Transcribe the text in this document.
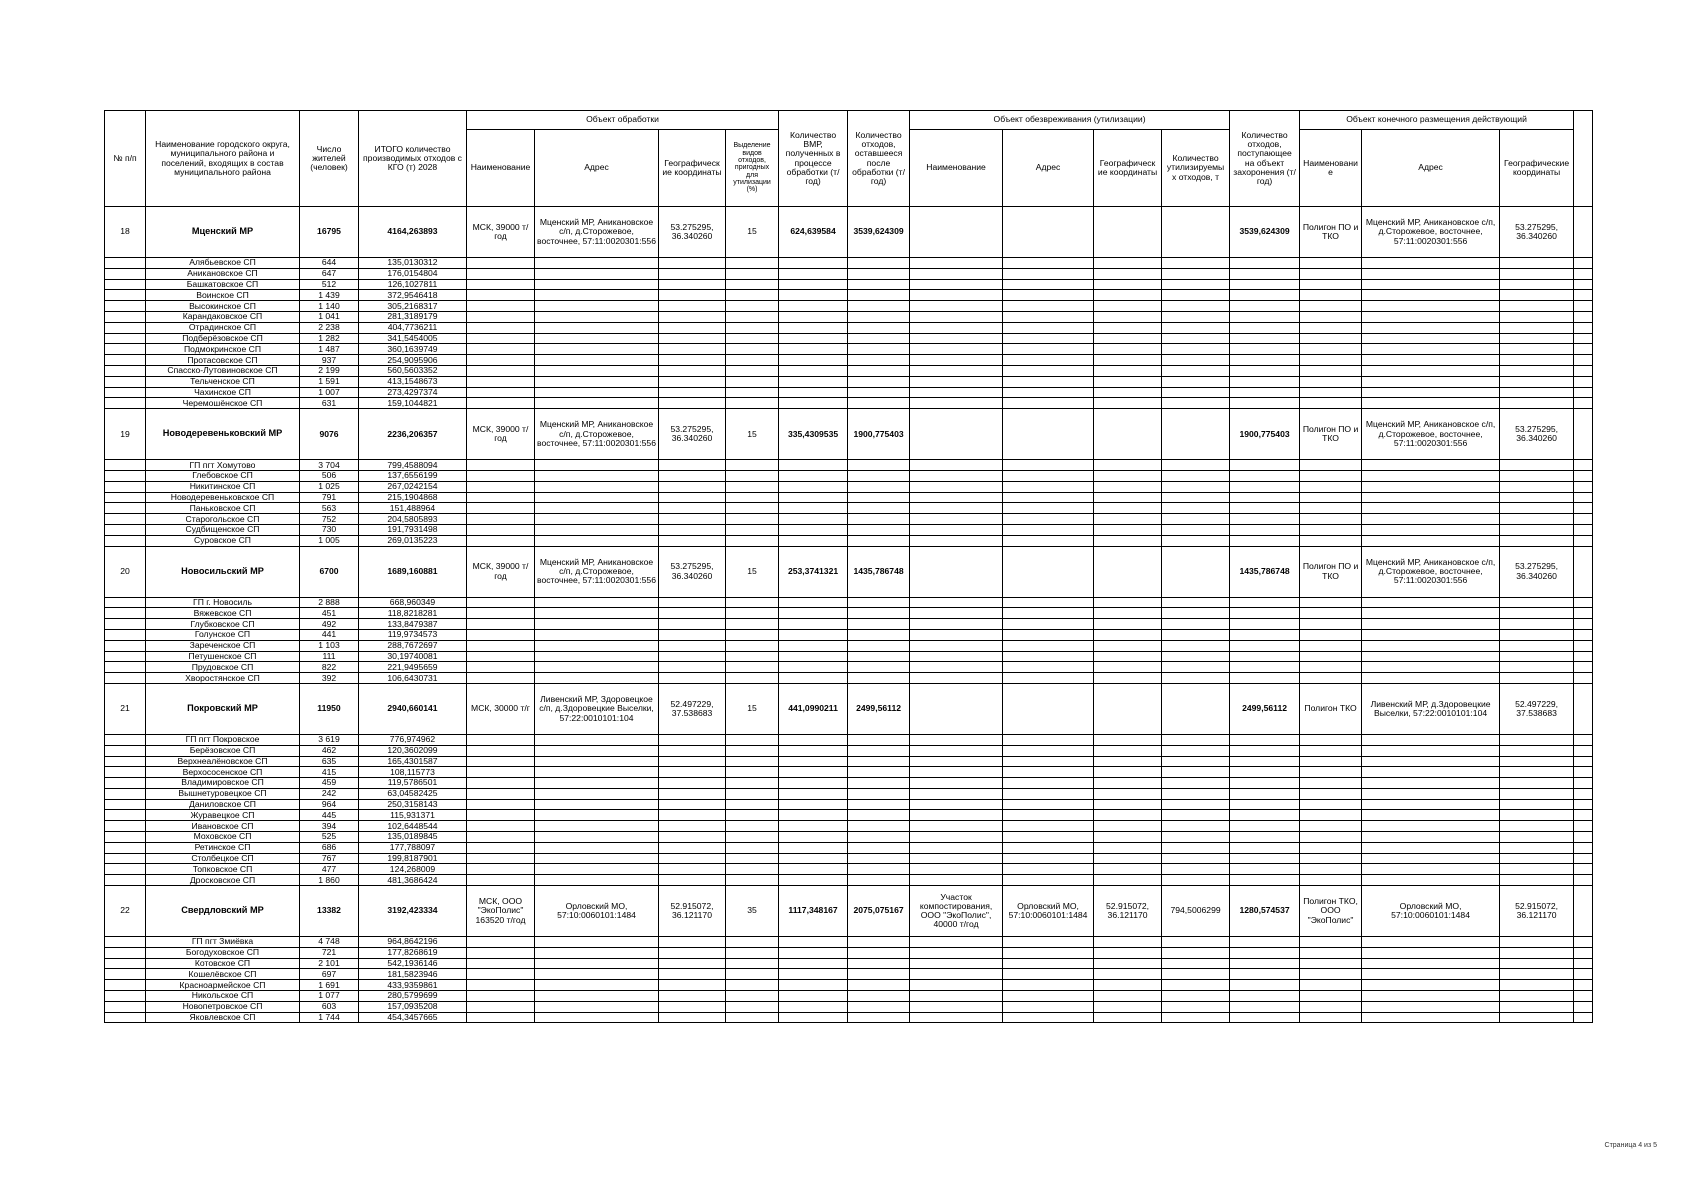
№ п/п	Наименование городского округа, муниципального района и поселений, входящих в состав муниципального района	Число жителей (человек)	ИТОГО количество производимых отходов с КГО (т) 2028	Объект обработки				Количество ВМР, полученных в процессе обработки (т/год)	Количество отходов, оставшееся после обработки (т/год)	Объект обезвреживания (утилизации)				Количество отходов, поступающее на объект захоронения (т/год)	Объект конечного размещения действующий			
				Наименование	Адрес	Географическ ие координаты	Выделение видов отходов, пригодных для утилизации (%)			Наименование	Адрес	Географическ ие координаты	Количество утилизируемы х отходов, т		Наименовани е	Адрес	Географические координаты	
18	Мценский МР	16795	4164,263893	МСК, 39000 т/год	Мценский МР, Аникановское с/п, д.Сторожевое, восточнее, 57:11:0020301:556	53.275295, 36.340260	15	624,639584	3539,624309					3539,624309	Полигон ПО и ТКО	Мценский МР, Аникановское с/п, д.Сторожевое, восточнее, 57:11:0020301:556	53.275295, 36.340260	
	Алябьевское СП	644	135,0130312															
	Аникановское СП	647	176,0154804															
	Башкатовское СП	512	126,1027811															
	Воинское СП	1 439	372,9546418															
	Высокинское СП	1 140	305,2168317															
	Карандаковское СП	1 041	281,3189179															
	Отрадинское СП	2 238	404,7736211															
	Подберёзовское СП	1 282	341,5454005															
	Подмокринское СП	1 487	360,1639749															
	Протасовское СП	937	254,9095906															
	Спасско-Лутовиновское СП	2 199	560,5603352															
	Тельченское СП	1 591	413,1548673															
	Чахинское СП	1 007	273,4297374															
	Черемошёнское СП	631	159,1044821															
19	Новодеревеньковский МР	9076	2236,206357	МСК, 39000 т/год	Мценский МР, Аникановское с/п, д.Сторожевое, восточнее, 57:11:0020301:556	53.275295, 36.340260	15	335,4309535	1900,775403					1900,775403	Полигон ПО и ТКО	Мценский МР, Аникановское с/п, д.Сторожевое, восточнее, 57:11:0020301:556	53.275295, 36.340260	
	ГП пгт Хомутово	3 704	799,4588094															
	Глебовское СП	506	137,6556199															
	Никитинское СП	1 025	267,0242154															
	Новодеревеньковское СП	791	215,1904868															
	Паньковское СП	563	151,488964															
	Старогольское СП	752	204,5805893															
	Судбищенское СП	730	191,7931498															
	Суровское СП	1 005	269,0135223															
20	Новосильский МР	6700	1689,160881	МСК, 39000 т/год	Мценский МР, Аникановское с/п, д.Сторожевое, восточнее, 57:11:0020301:556	53.275295, 36.340260	15	253,3741321	1435,786748					1435,786748	Полигон ПО и ТКО	Мценский МР, Аникановское с/п, д.Сторожевое, восточнее, 57:11:0020301:556	53.275295, 36.340260	
	ГП г. Новосиль	2 888	668,960349															
	Вяжевское СП	451	118,8218281															
	Глубковское СП	492	133,8479387															
	Голунское СП	441	119,9734573															
	Зареченское СП	1 103	288,7672697															
	Петушенское СП	111	30,19740081															
	Прудовское СП	822	221,9495659															
	Хворостянское СП	392	106,6430731															
21	Покровский МР	11950	2940,660141	МСК, 30000 т/г	Ливенский МР, Здоровецкое с/п, д.Здоровецкие Выселки, 57:22:0010101:104	52.497229, 37.538683	15	441,0990211	2499,56112					2499,56112	Полигон ТКО	Ливенский МР, д.Здоровецкие Выселки, 57:22:0010101:104	52.497229, 37.538683	
	ГП пгт Покровское	3 619	776,974962															
	Берёзовское СП	462	120,3602099															
	Верхнеалёновское СП	635	165,4301587															
	Верхососенское СП	415	108,115773															
	Владимировское СП	459	119,5786501															
	Вышнетуровецкое СП	242	63,04582425															
	Даниловское СП	964	250,3158143															
	Журавецкое СП	445	115,931371															
	Ивановское СП	394	102,6448544															
	Моховское СП	525	135,0189845															
	Ретинское СП	686	177,788097															
	Столбецкое СП	767	199,8187901															
	Топковское СП	477	124,268009															
	Дросковское СП	1 860	481,3686424															
22	Свердловский МР	13382	3192,423334	МСК, ООО "ЭкоПолис" 163520 т/год	Орловский МО, 57:10:0060101:1484	52.915072, 36.121170	35	1117,348167	2075,075167	Участок компостирования, ООО "ЭкоПолис", 40000 т/год	Орловский МО, 57:10:0060101:1484	52.915072, 36.121170	794,5006299	1280,574537	Полигон ТКО, ООО "ЭкоПолис"	Орловский МО, 57:10:0060101:1484	52.915072, 36.121170	
	ГП пгт Змиёвка	4 748	964,8642196															
	Богодуховское СП	721	177,8268619															
	Котовское СП	2 101	542,1936146															
	Кошелёвское СП	697	181,5823946															
	Красноармейское СП	1 691	433,9359861															
	Никольское СП	1 077	280,5799699															
	Новопетровское СП	603	157,0935208															
	Яковлевское СП	1 744	454,3457665															
Страница 4 из 5
